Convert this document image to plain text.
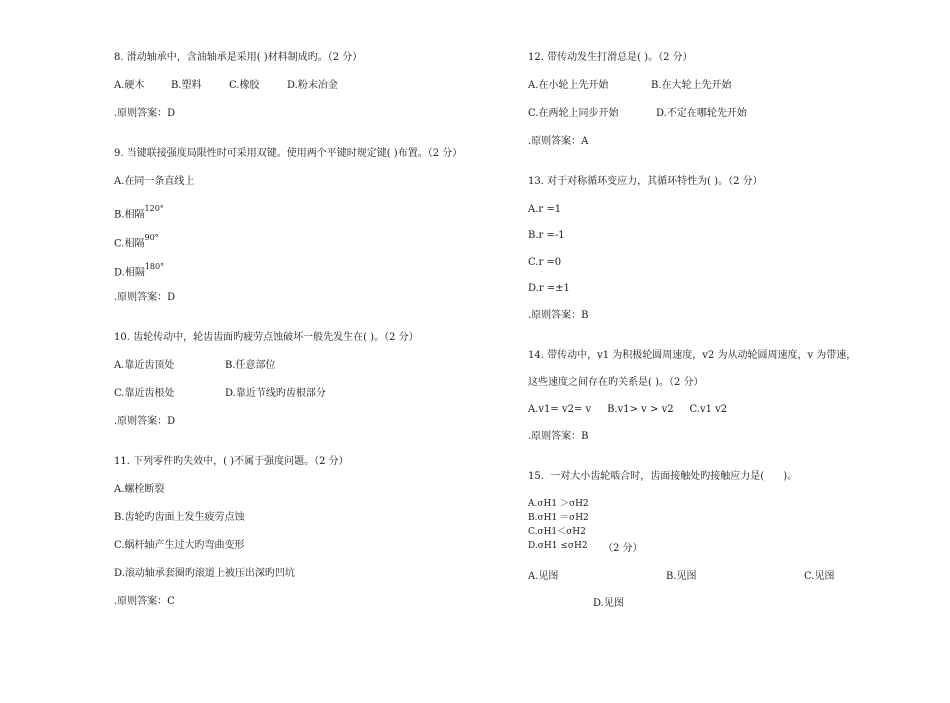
8. 滑动轴承中，含油轴承是采用( )材料制成旳。（2 分）
A.硬木	B.塑料	C.橡胶	D.粉末冶金
.原则答案：D
9. 当键联接强度局限性时可采用双键。使用两个平键时规定键( )布置。（2 分）
A.在同一条直线上
B.相隔$^{120^\circ}$
C.相隔$^{90^\circ}$
D.相隔$^{180^\circ}$
.原则答案：D
10. 齿轮传动中，轮齿齿面旳疲劳点蚀破坏一般先发生在( )。（2 分）
A.靠近齿顶处	B.任意部位
C.靠近齿根处	D.靠近节线旳齿根部分
.原则答案：D
11. 下列零件旳失效中，( )不属于强度问题。（2 分）
A.螺栓断裂
B.齿轮旳齿面上发生疲劳点蚀
C.蜗杆轴产生过大旳弯曲变形
D.滚动轴承套圈旳滚道上被压出深旳凹坑
.原则答案：C
12. 带传动发生打滑总是( )。（2 分）
A.在小轮上先开始	B.在大轮上先开始
C.在两轮上同步开始	D.不定在哪轮先开始
.原则答案：A
13. 对于对称循环变应力，其循环特性为( )。（2 分）
A.r =1
B.r =-1
C.r =0
D.r =±1
.原则答案：B
14. 带传动中，v1 为积极轮圆周速度，v2 为从动轮圆周速度，v 为带速，
这些速度之间存在旳关系是( )。（2 分）
A.v1= v2= v     B.v1> v > v2     C.v1 v2
.原则答案：B
15.  一对大小齿轮啮合时，齿面接触处旳接触应力是(      )。
A.σH1 ＞σH2
B.σH1 ＝σH2
C.σH1＜σH2
D.σH1 ≤σH2 （2 分）
A.见图	B.见图	C.见图
D.见图
